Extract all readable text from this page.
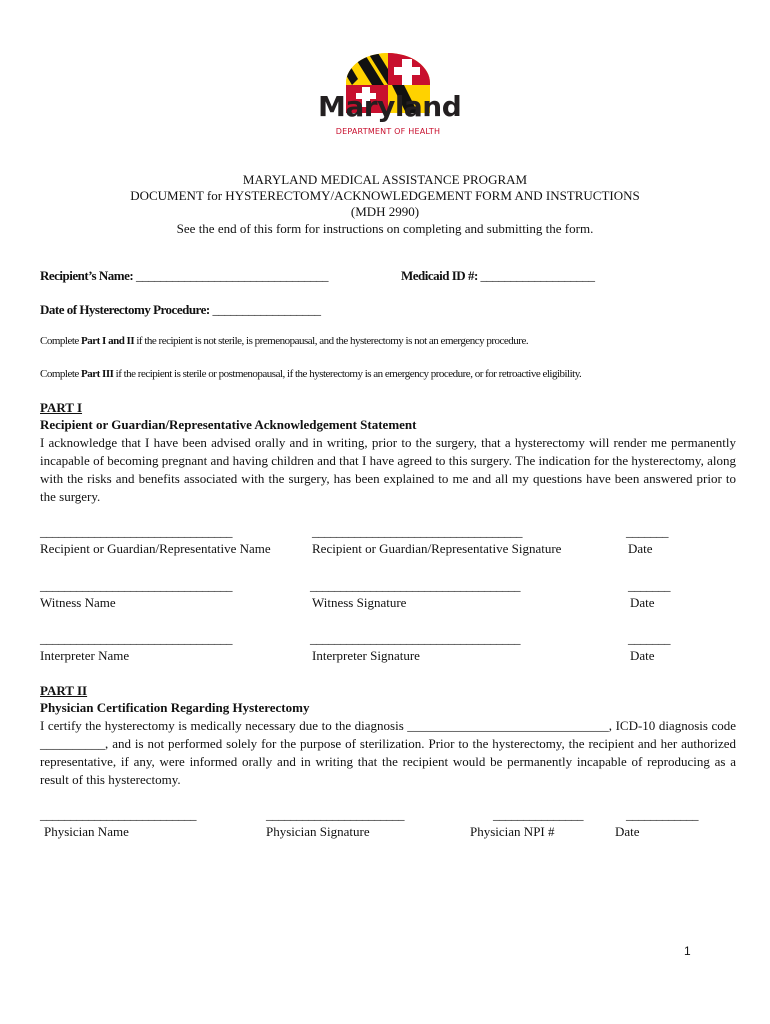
Maryland
DEPARTMENT OF HEALTH
MARYLAND MEDICAL ASSISTANCE PROGRAM
DOCUMENT for HYSTERECTOMY/ACKNOWLEDGEMENT FORM AND INSTRUCTIONS
(MDH 2990)
See the end of this form for instructions on completing and submitting the form.
Recipient’s Name: ________________________________	Medicaid ID #: ___________________
Date of Hysterectomy Procedure: __________________
Complete Part I and II if the recipient is not sterile, is premenopausal, and the hysterectomy is not an emergency procedure.
Complete Part III if the recipient is sterile or postmenopausal, if the hysterectomy is an emergency procedure, or for retroactive eligibility.
PART I
Recipient or Guardian/Representative Acknowledgement Statement
I acknowledge that I have been advised orally and in writing, prior to the surgery, that a hysterectomy will render me permanently incapable of becoming pregnant and having children and that I have agreed to this surgery. The indication for the hysterectomy, along with the risks and benefits associated with the surgery, has been explained to me and all my questions have been answered prior to the surgery.
________________________________	___________________________________	_______
Recipient or Guardian/Representative Name	Recipient or Guardian/Representative Signature	Date
________________________________	___________________________________	_______
Witness Name	Witness Signature	Date
________________________________	___________________________________	_______
Interpreter Name	Interpreter Signature	Date
PART II
Physician Certification Regarding Hysterectomy
I certify the hysterectomy is medically necessary due to the diagnosis _______________________________, ICD-10 diagnosis code __________, and is not performed solely for the purpose of sterilization. Prior to the hysterectomy, the recipient and her authorized representative, if any, were informed orally and in writing that the recipient would be permanently incapable of reproducing as a result of this hysterectomy.
__________________________	_______________________	_______________	____________
Physician Name	Physician Signature	Physician NPI #	Date
1
